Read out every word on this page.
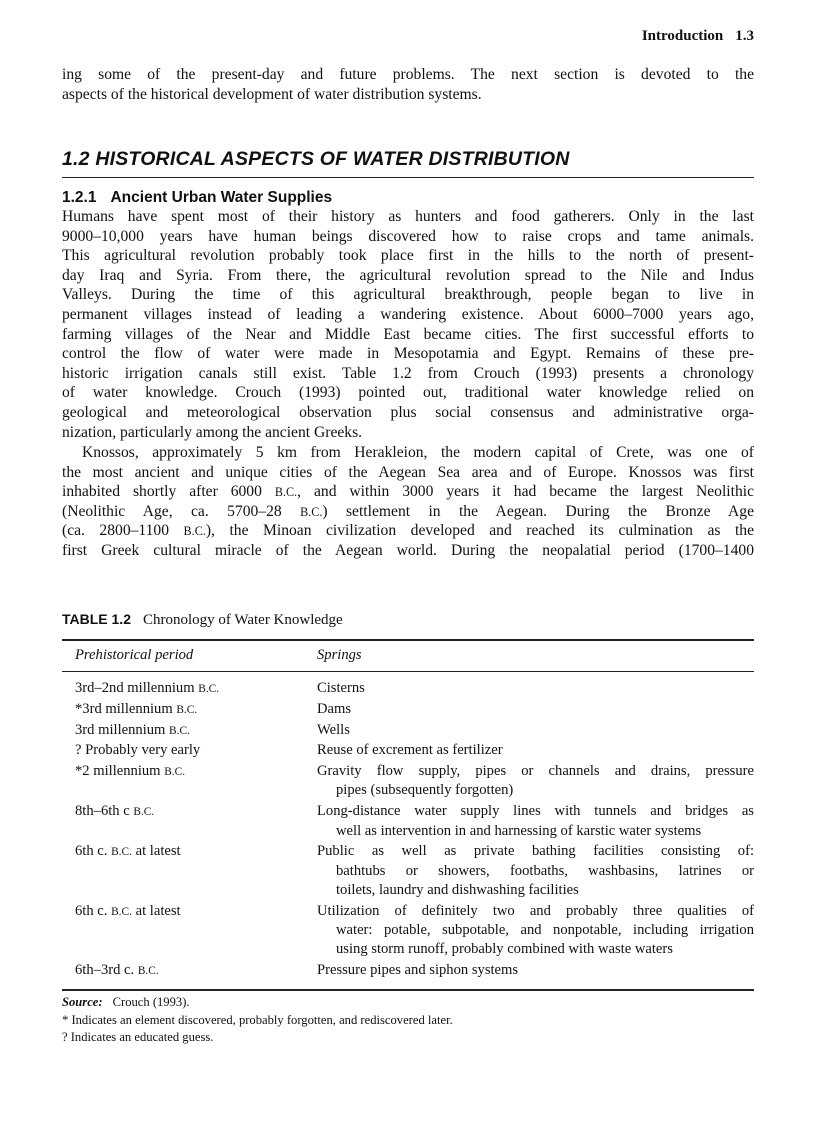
Introduction 1.3
ing some of the present-day and future problems. The next section is devoted to the
aspects of the historical development of water distribution systems.
1.2 HISTORICAL ASPECTS OF WATER DISTRIBUTION
1.2.1 Ancient Urban Water Supplies
Humans have spent most of their history as hunters and food gatherers. Only in the last
9000–10,000 years have human beings discovered how to raise crops and tame animals.
This agricultural revolution probably took place first in the hills to the north of present-
day Iraq and Syria. From there, the agricultural revolution spread to the Nile and Indus
Valleys. During the time of this agricultural breakthrough, people began to live in
permanent villages instead of leading a wandering existence. About 6000–7000 years ago,
farming villages of the Near and Middle East became cities. The first successful efforts to
control the flow of water were made in Mesopotamia and Egypt. Remains of these pre-
historic irrigation canals still exist. Table 1.2 from Crouch (1993) presents a chronology
of water knowledge. Crouch (1993) pointed out, traditional water knowledge relied on
geological and meteorological observation plus social consensus and administrative orga-
nization, particularly among the ancient Greeks.
Knossos, approximately 5 km from Herakleion, the modern capital of Crete, was one of
the most ancient and unique cities of the Aegean Sea area and of Europe. Knossos was first
inhabited shortly after 6000 B.C., and within 3000 years it had became the largest Neolithic
(Neolithic Age, ca. 5700–28 B.C.) settlement in the Aegean. During the Bronze Age
(ca. 2800–1100 B.C.), the Minoan civilization developed and reached its culmination as the
first Greek cultural miracle of the Aegean world. During the neopalatial period (1700–1400
TABLE 1.2 Chronology of Water Knowledge
Prehistorical period	Springs
3rd–2nd millennium B.C.	Cisterns
*3rd millennium B.C.	Dams
3rd millennium B.C.	Wells
? Probably very early	Reuse of excrement as fertilizer
*2 millennium B.C.	Gravity flow supply, pipes or channels and drains, pressure
pipes (subsequently forgotten)
8th–6th c B.C.	Long-distance water supply lines with tunnels and bridges as
well as intervention in and harnessing of karstic water systems
6th c. B.C. at latest	Public as well as private bathing facilities consisting of:
bathtubs or showers, footbaths, washbasins, latrines or
toilets, laundry and dishwashing facilities
6th c. B.C. at latest	Utilization of definitely two and probably three qualities of
water: potable, subpotable, and nonpotable, including irrigation
using storm runoff, probably combined with waste waters
6th–3rd c. B.C.	Pressure pipes and siphon systems
Source: Crouch (1993).
* Indicates an element discovered, probably forgotten, and rediscovered later.
? Indicates an educated guess.
